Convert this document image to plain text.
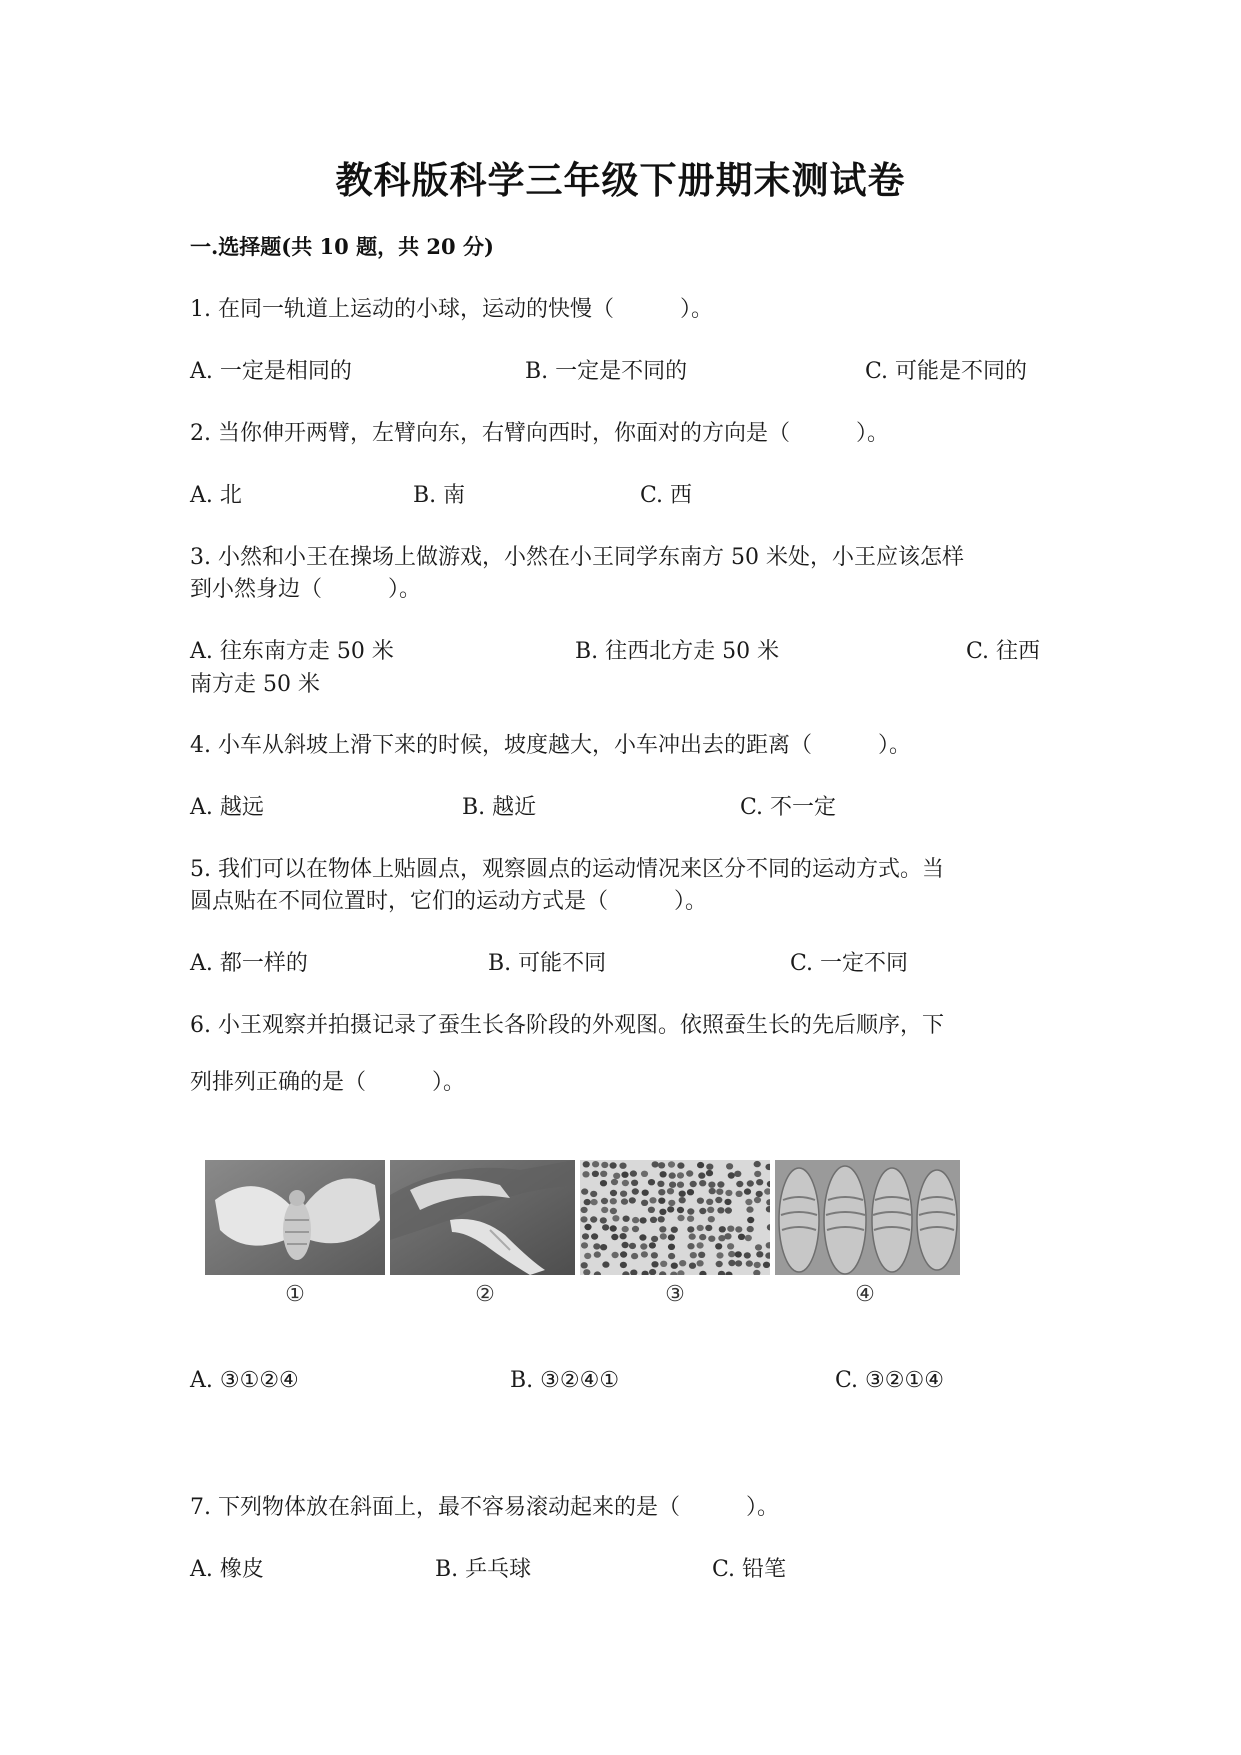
教科版科学三年级下册期末测试卷
一.选择题(共 10 题，共 20 分)
1. 在同一轨道上运动的小球，运动的快慢（　　　）。
A. 一定是相同的	B. 一定是不同的	C. 可能是不同的
2. 当你伸开两臂，左臂向东，右臂向西时，你面对的方向是（　　　）。
A. 北	B. 南	C. 西
3. 小然和小王在操场上做游戏，小然在小王同学东南方 50 米处，小王应该怎样
到小然身边（　　　）。
A. 往东南方走 50 米	B. 往西北方走 50 米	C. 往西
南方走 50 米
4. 小车从斜坡上滑下来的时候，坡度越大，小车冲出去的距离（　　　）。
A. 越远	B. 越近	C. 不一定
5. 我们可以在物体上贴圆点，观察圆点的运动情况来区分不同的运动方式。当
圆点贴在不同位置时，它们的运动方式是（　　　）。
A. 都一样的	B. 可能不同	C. 一定不同
6. 小王观察并拍摄记录了蚕生长各阶段的外观图。依照蚕生长的先后顺序，下
列排列正确的是（　　　）。
①	②	③	④
A. ③①②④	B. ③②④①	C. ③②①④
7. 下列物体放在斜面上，最不容易滚动起来的是（　　　）。
A. 橡皮	B. 乒乓球	C. 铅笔
